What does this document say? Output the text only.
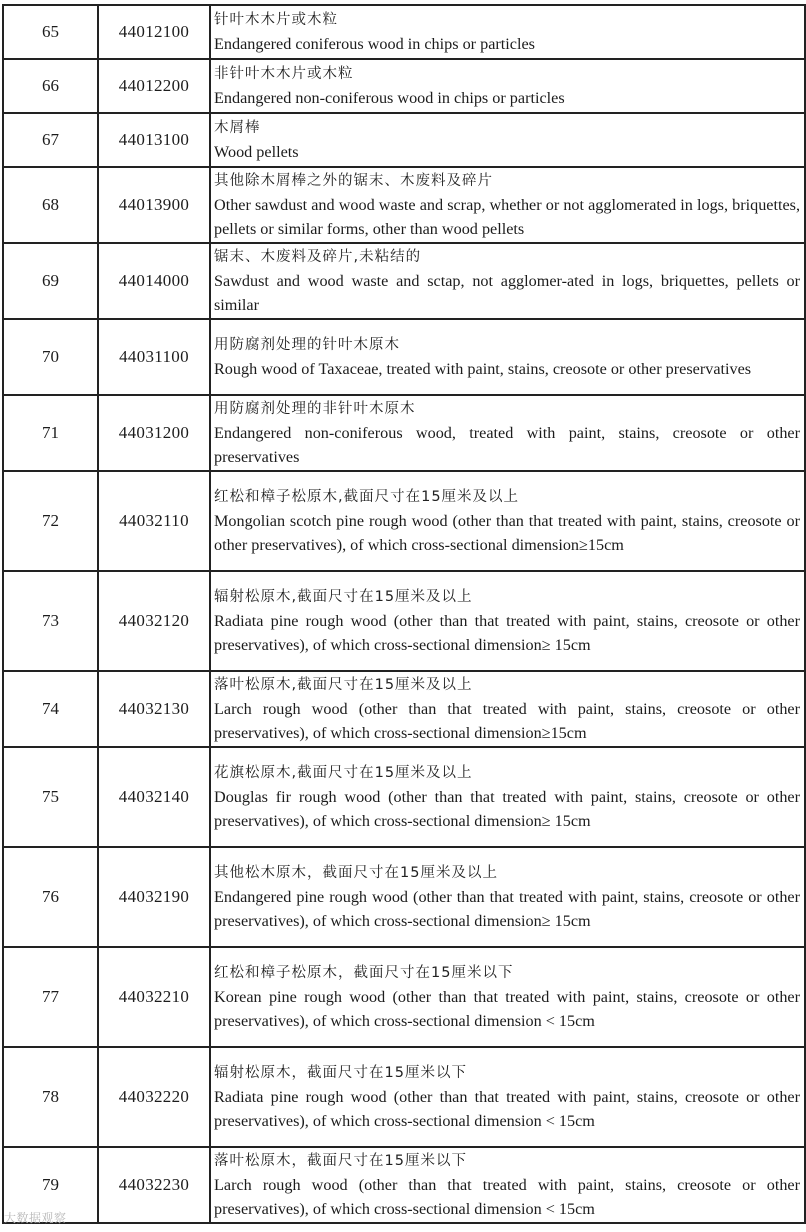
65	44012100	针叶木木片或木粒
Endangered coniferous wood in chips or particles

66	44012200	非针叶木木片或木粒
Endangered non-coniferous wood in chips or particles

67	44013100	木屑棒
Wood pellets

68	44013900	其他除木屑棒之外的锯末、木废料及碎片
Other sawdust and wood waste and scrap, whether or not agglomerated in logs, briquettes, pellets or similar forms, other than wood pellets

69	44014000	锯末、木废料及碎片,未粘结的
Sawdust and wood waste and sctap, not agglomer-ated in logs, briquettes, pellets or similar

70	44031100	用防腐剂处理的针叶木原木
Rough wood of Taxaceae, treated with paint, stains, creosote or other preservatives

71	44031200	用防腐剂处理的非针叶木原木
Endangered non-coniferous wood, treated with paint, stains, creosote or other preservatives

72	44032110	红松和樟子松原木,截面尺寸在15厘米及以上
Mongolian scotch pine rough wood (other than that treated with paint, stains, creosote or other preservatives), of which cross-sectional dimension≥15cm

73	44032120	辐射松原木,截面尺寸在15厘米及以上
Radiata pine rough wood (other than that treated with paint, stains, creosote or other preservatives), of which cross-sectional dimension≥ 15cm

74	44032130	落叶松原木,截面尺寸在15厘米及以上
Larch rough wood (other than that treated with paint, stains, creosote or other preservatives), of which cross-sectional dimension≥15cm

75	44032140	花旗松原木,截面尺寸在15厘米及以上
Douglas fir rough wood (other than that treated with paint, stains, creosote or other preservatives), of which cross-sectional dimension≥ 15cm

76	44032190	其他松木原木，截面尺寸在15厘米及以上
Endangered pine rough wood (other than that treated with paint, stains, creosote or other preservatives), of which cross-sectional dimension≥ 15cm

77	44032210	红松和樟子松原木，截面尺寸在15厘米以下
Korean pine rough wood (other than that treated with paint, stains, creosote or other preservatives), of which cross-sectional dimension < 15cm

78	44032220	辐射松原木，截面尺寸在15厘米以下
Radiata pine rough wood (other than that treated with paint, stains, creosote or other preservatives), of which cross-sectional dimension < 15cm

79	44032230	落叶松原木，截面尺寸在15厘米以下
Larch rough wood (other than that treated with paint, stains, creosote or other preservatives), of which cross-sectional dimension < 15cm
大数据观察
